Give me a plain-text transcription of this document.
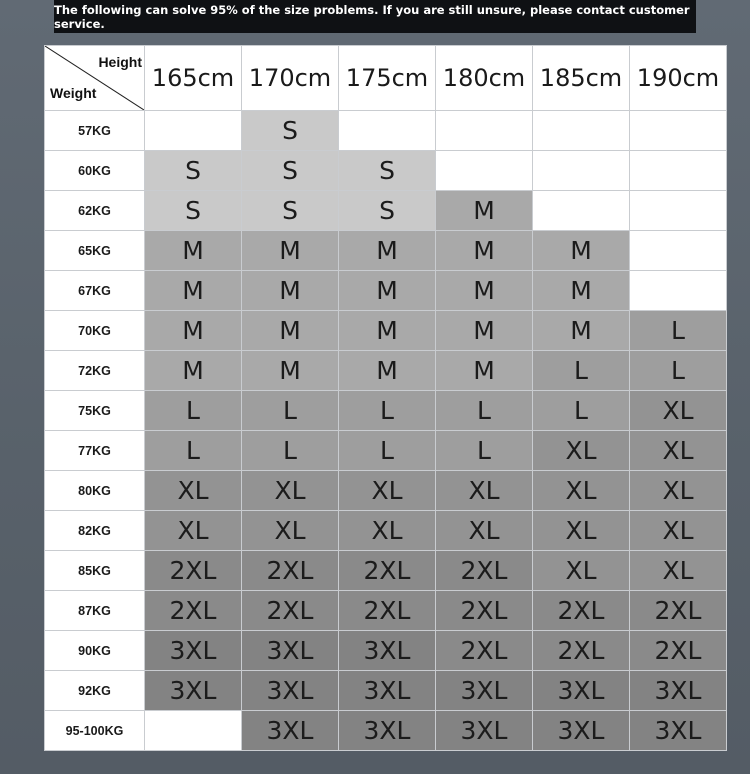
The following can solve 95% of the size problems. If you are still unsure, please contact customer service.
Height
Weight	165cm	170cm	175cm	180cm	185cm	190cm
57KG		S				
60KG	S	S	S			
62KG	S	S	S	M		
65KG	M	M	M	M	M	
67KG	M	M	M	M	M	
70KG	M	M	M	M	M	L
72KG	M	M	M	M	L	L
75KG	L	L	L	L	L	XL
77KG	L	L	L	L	XL	XL
80KG	XL	XL	XL	XL	XL	XL
82KG	XL	XL	XL	XL	XL	XL
85KG	2XL	2XL	2XL	2XL	XL	XL
87KG	2XL	2XL	2XL	2XL	2XL	2XL
90KG	3XL	3XL	3XL	2XL	2XL	2XL
92KG	3XL	3XL	3XL	3XL	3XL	3XL
95-100KG		3XL	3XL	3XL	3XL	3XL
